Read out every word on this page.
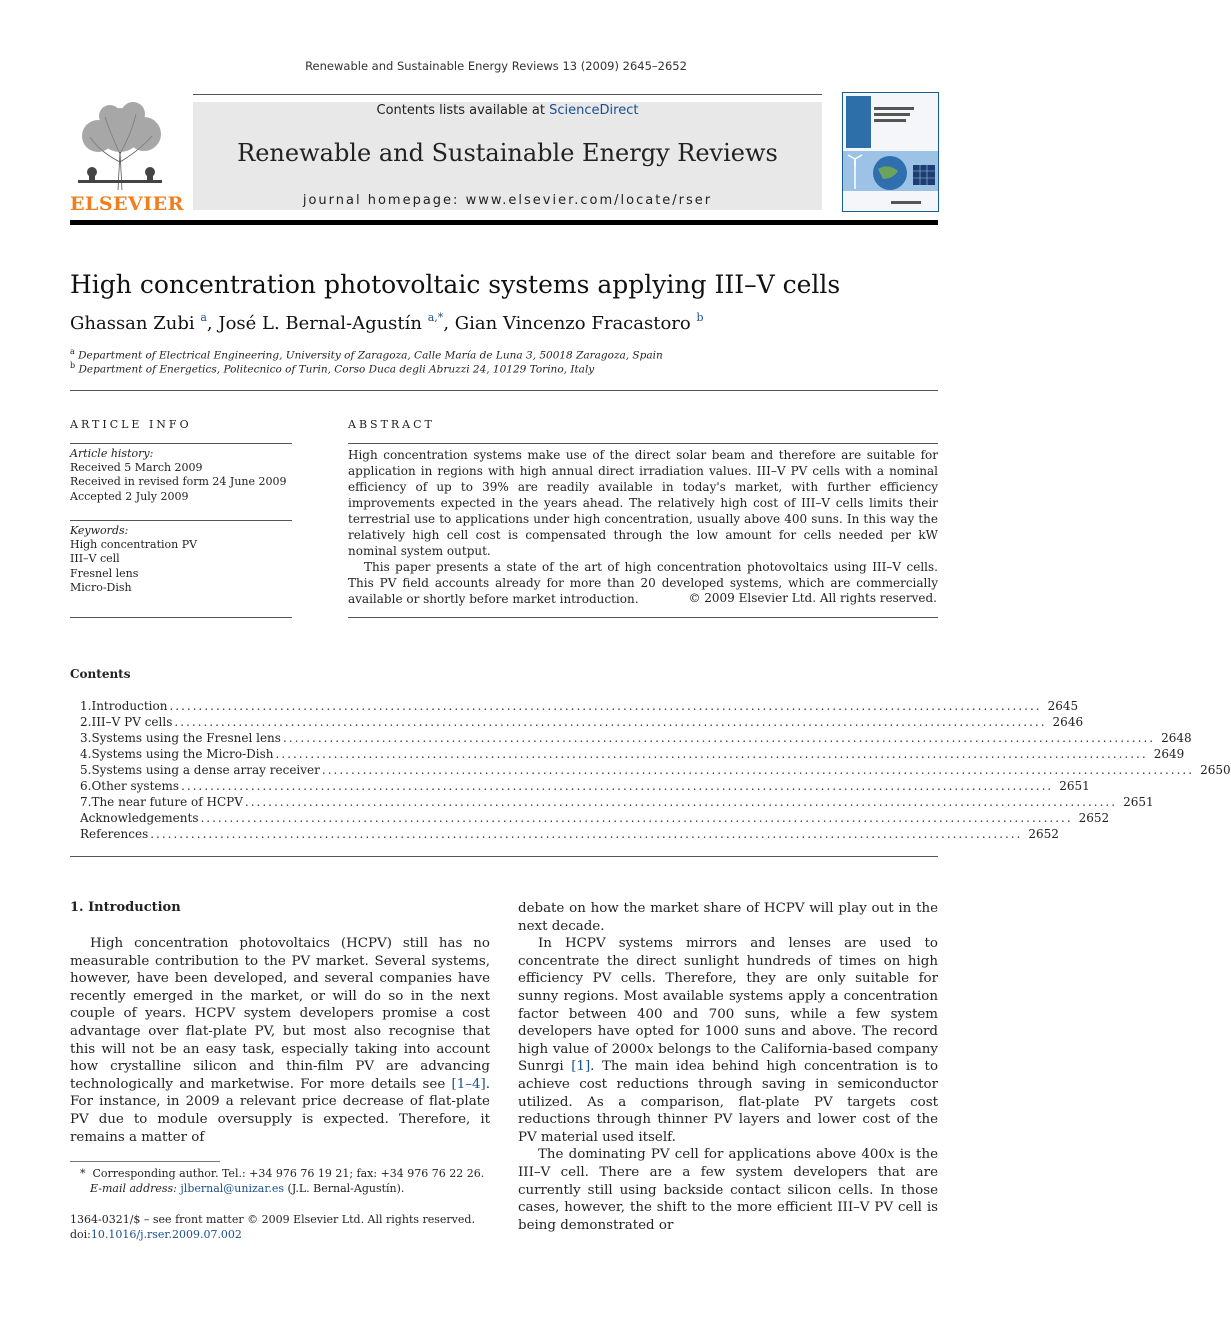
Renewable and Sustainable Energy Reviews 13 (2009) 2645–2652
ELSEVIER
Contents lists available at ScienceDirect
Renewable and Sustainable Energy Reviews
journal homepage: www.elsevier.com/locate/rser
High concentration photovoltaic systems applying III–V cells
Ghassan Zubi $^a$, José L. Bernal-Agustín $^{a,*}$, Gian Vincenzo Fracastoro $^b$
$^a$ Department of Electrical Engineering, University of Zaragoza, Calle María de Luna 3, 50018 Zaragoza, Spain
$^b$ Department of Energetics, Politecnico of Turin, Corso Duca degli Abruzzi 24, 10129 Torino, Italy
ARTICLE INFO
Article history:
Received 5 March 2009
Received in revised form 24 June 2009
Accepted 2 July 2009
Keywords:
High concentration PV
III–V cell
Fresnel lens
Micro-Dish
ABSTRACT

High concentration systems make use of the direct solar beam and therefore are suitable for application in regions with high annual direct irradiation values. III–V PV cells with a nominal efficiency of up to 39% are readily available in today's market, with further efficiency improvements expected in the years ahead. The relatively high cost of III–V cells limits their terrestrial use to applications under high concentration, usually above 400 suns. In this way the relatively high cell cost is compensated through the low amount for cells needed per kW nominal system output.

This paper presents a state of the art of high concentration photovoltaics using III–V cells. This PV field accounts already for more than 20 developed systems, which are commercially available or shortly before market introduction.	© 2009 Elsevier Ltd. All rights reserved.
Contents
1. Introduction ...................................................................................................................................................... 2645
2. III–V PV cells ...................................................................................................................................................... 2646
3. Systems using the Fresnel lens ...................................................................................................................................................... 2648
4. Systems using the Micro-Dish ...................................................................................................................................................... 2649
5. Systems using a dense array receiver ...................................................................................................................................................... 2650
6. Other systems ...................................................................................................................................................... 2651
7. The near future of HCPV ...................................................................................................................................................... 2651
Acknowledgements ...................................................................................................................................................... 2652
References ...................................................................................................................................................... 2652
1. Introduction

High concentration photovoltaics (HCPV) still has no measurable contribution to the PV market. Several systems, however, have been developed, and several companies have recently emerged in the market, or will do so in the next couple of years. HCPV system developers promise a cost advantage over flat-plate PV, but most also recognise that this will not be an easy task, especially taking into account how crystalline silicon and thin-film PV are advancing technologically and marketwise. For more details see [1–4]. For instance, in 2009 a relevant price decrease of flat-plate PV due to module oversupply is expected. Therefore, it remains a matter of

debate on how the market share of HCPV will play out in the next decade.

In HCPV systems mirrors and lenses are used to concentrate the direct sunlight hundreds of times on high efficiency PV cells. Therefore, they are only suitable for sunny regions. Most available systems apply a concentration factor between 400 and 700 suns, while a few system developers have opted for 1000 suns and above. The record high value of 2000x belongs to the California-based company Sunrgi [1]. The main idea behind high concentration is to achieve cost reductions through saving in semiconductor utilized. As a comparison, flat-plate PV targets cost reductions through thinner PV layers and lower cost of the PV material used itself.

The dominating PV cell for applications above 400x is the III–V cell. There are a few system developers that are currently still using backside contact silicon cells. In those cases, however, the shift to the more efficient III–V PV cell is being demonstrated or

* Corresponding author. Tel.: +34 976 76 19 21; fax: +34 976 76 22 26.
E-mail address: jlbernal@unizar.es (J.L. Bernal-Agustín).
1364-0321/$ – see front matter © 2009 Elsevier Ltd. All rights reserved.
doi:10.1016/j.rser.2009.07.002
